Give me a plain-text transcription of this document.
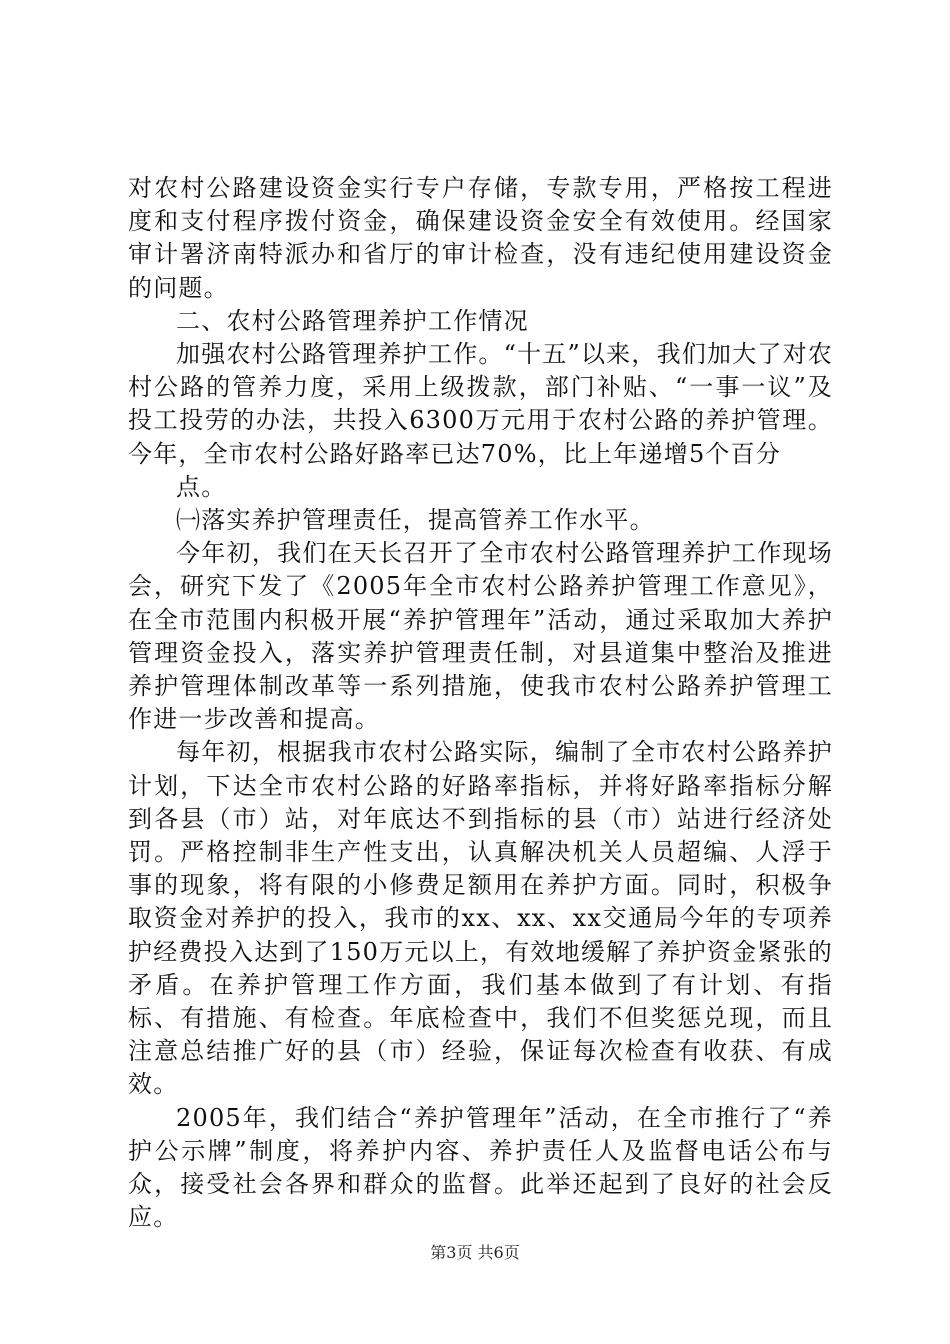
对农村公路建设资金实行专户存储，专款专用，严格按工程进度和支付程序拨付资金，确保建设资金安全有效使用。经国家审计署济南特派办和省厅的审计检查，没有违纪使用建设资金的问题。

二、农村公路管理养护工作情况

加强农村公路管理养护工作。“十五”以来，我们加大了对农村公路的管养力度，采用上级拨款，部门补贴、“一事一议”及投工投劳的办法，共投入6300万元用于农村公路的养护管理。今年，全市农村公路好路率已达70%，比上年递增5个百分

点。

㈠落实养护管理责任，提高管养工作水平。

今年初，我们在天长召开了全市农村公路管理养护工作现场会，研究下发了《2005年全市农村公路养护管理工作意见》，在全市范围内积极开展“养护管理年”活动，通过采取加大养护管理资金投入，落实养护管理责任制，对县道集中整治及推进养护管理体制改革等一系列措施，使我市农村公路养护管理工作进一步改善和提高。

每年初，根据我市农村公路实际，编制了全市农村公路养护计划，下达全市农村公路的好路率指标，并将好路率指标分解到各县（市）站，对年底达不到指标的县（市）站进行经济处罚。严格控制非生产性支出，认真解决机关人员超编、人浮于事的现象，将有限的小修费足额用在养护方面。同时，积极争取资金对养护的投入，我市的xx、xx、xx交通局今年的专项养护经费投入达到了150万元以上，有效地缓解了养护资金紧张的矛盾。在养护管理工作方面，我们基本做到了有计划、有指标、有措施、有检查。年底检查中，我们不但奖惩兑现，而且注意总结推广好的县（市）经验，保证每次检查有收获、有成效。

2005年，我们结合“养护管理年”活动，在全市推行了“养护公示牌”制度，将养护内容、养护责任人及监督电话公布与众，接受社会各界和群众的监督。此举还起到了良好的社会反应。

第3页 共6页
